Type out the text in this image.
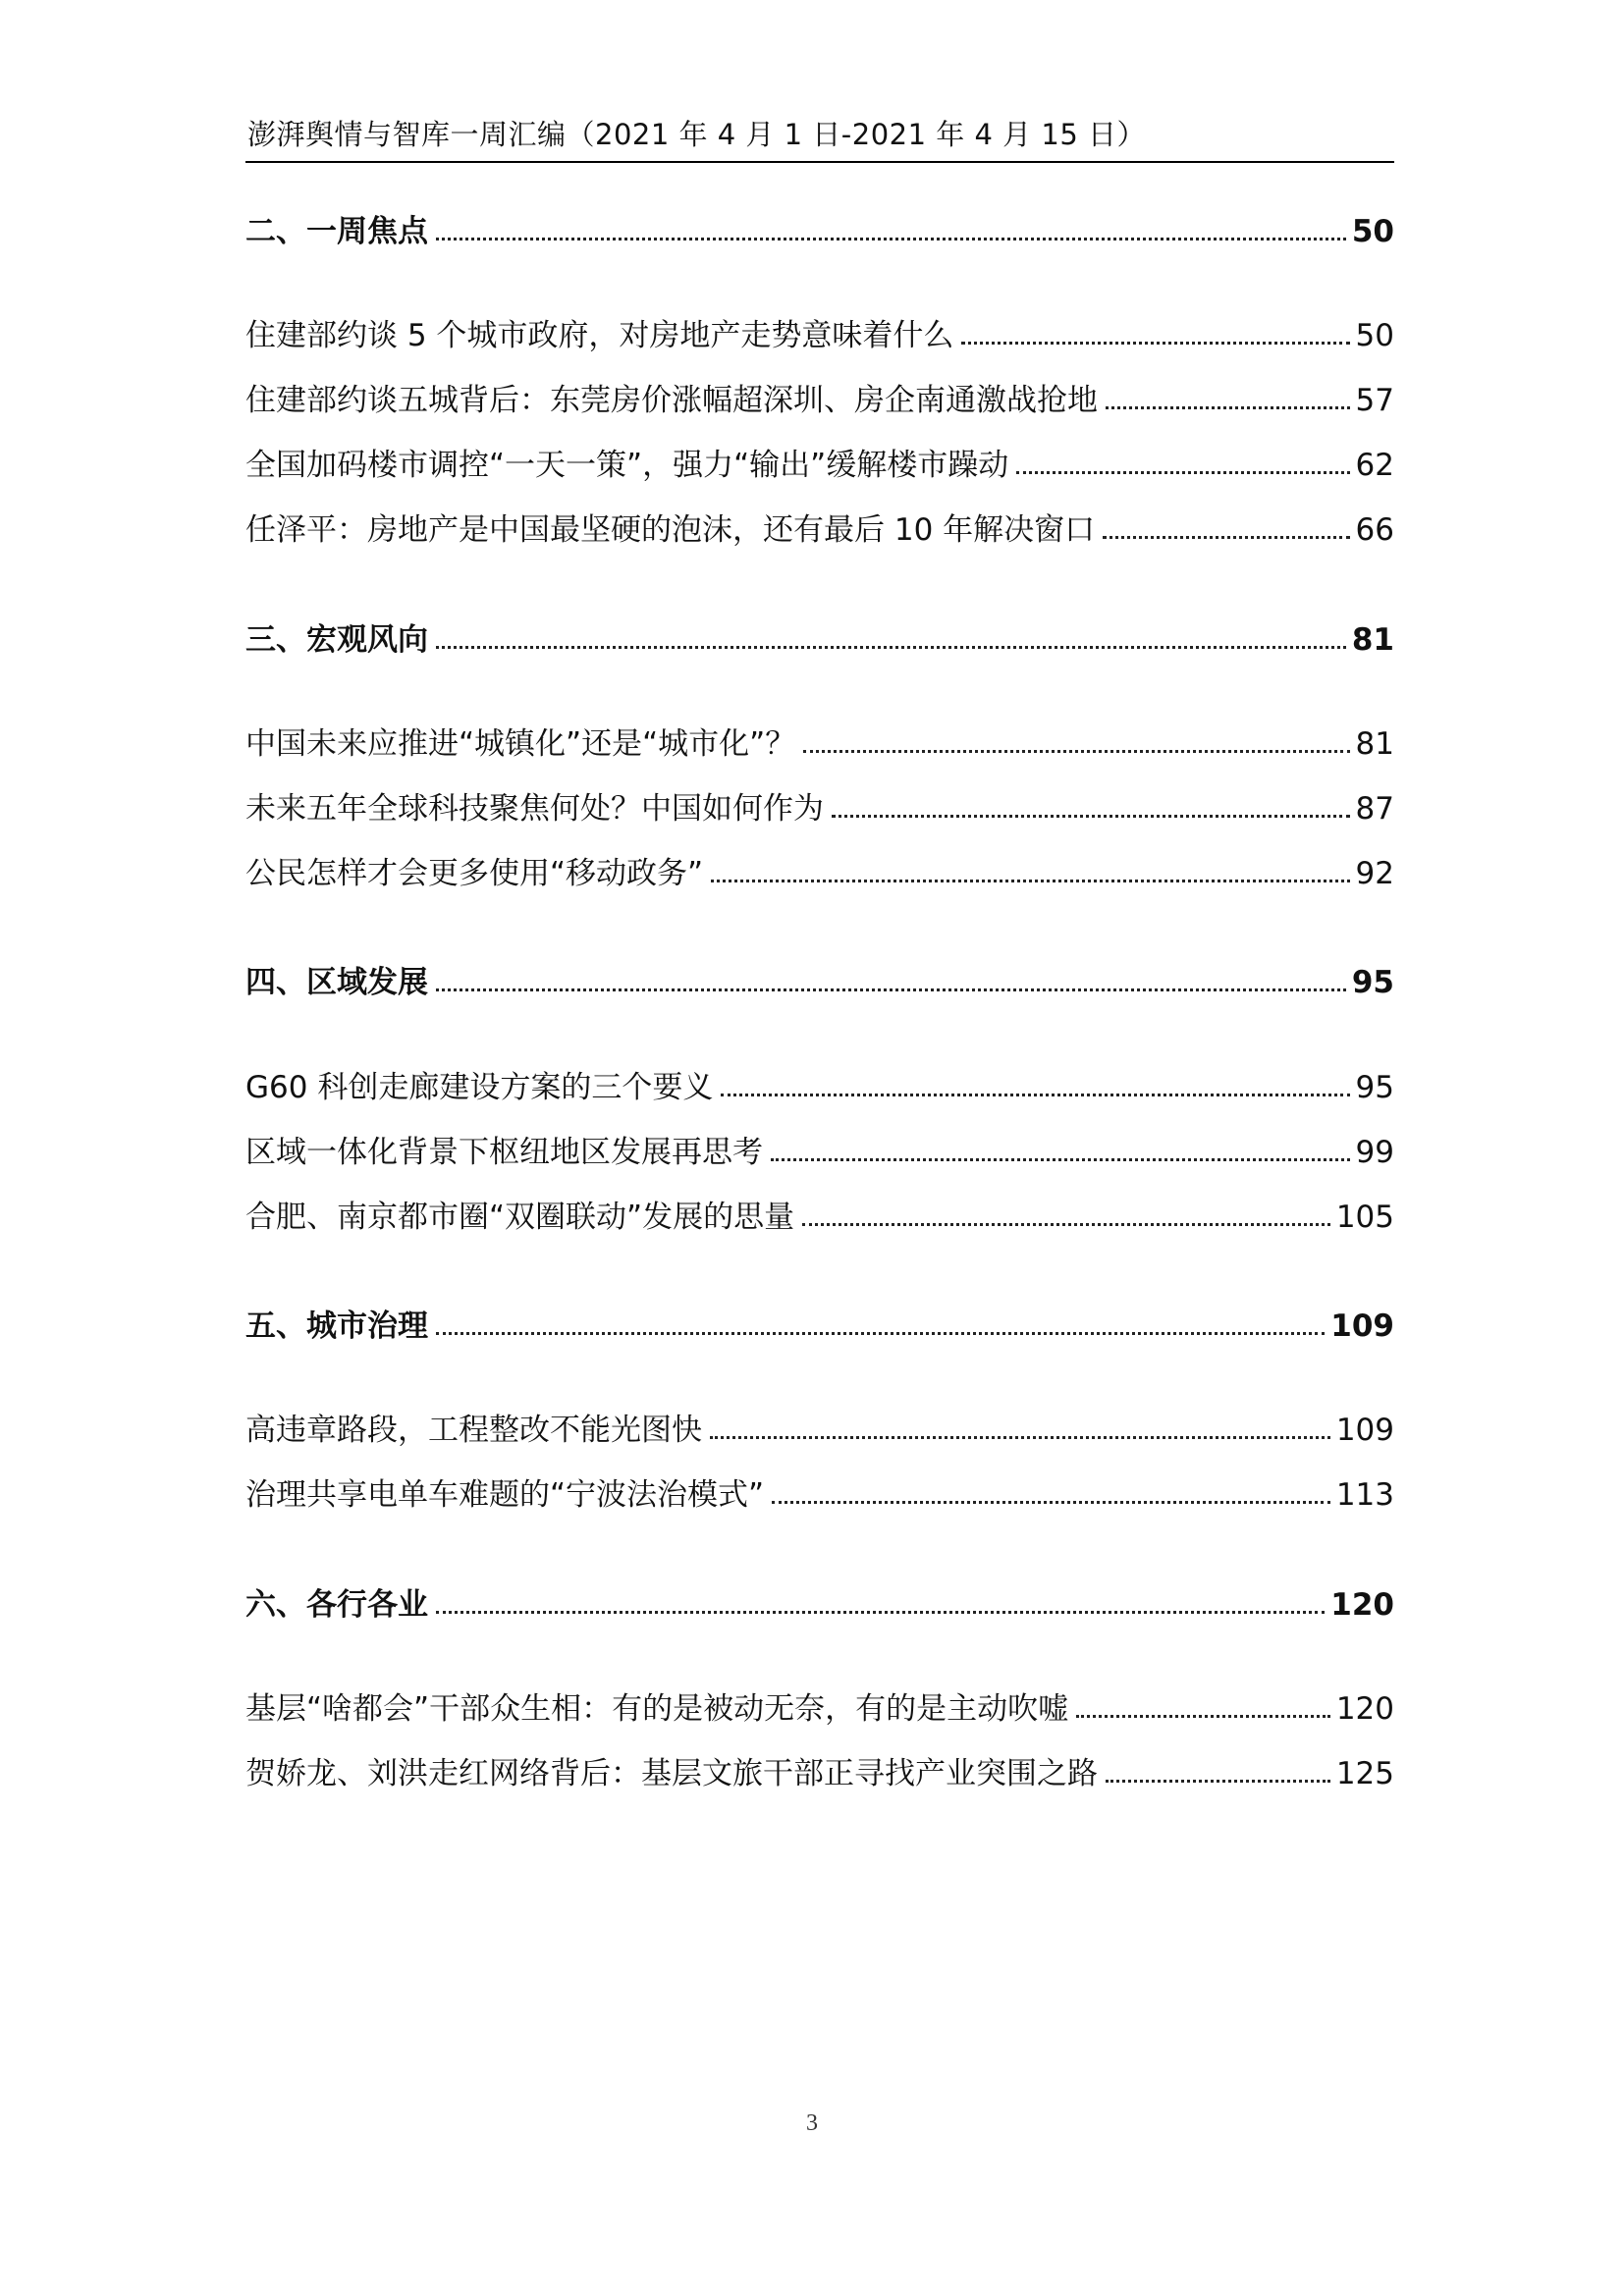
澎湃舆情与智库一周汇编（2021 年 4 月 1 日-2021 年 4 月 15 日）
二、一周焦点	50
住建部约谈 5 个城市政府，对房地产走势意味着什么	50
住建部约谈五城背后：东莞房价涨幅超深圳、房企南通激战抢地	57
全国加码楼市调控“一天一策”，强力“输出”缓解楼市躁动	62
任泽平：房地产是中国最坚硬的泡沫，还有最后 10 年解决窗口	66
三、宏观风向	81
中国未来应推进“城镇化”还是“城市化”？	81
未来五年全球科技聚焦何处？中国如何作为	87
公民怎样才会更多使用“移动政务”	92
四、区域发展	95
G60 科创走廊建设方案的三个要义	95
区域一体化背景下枢纽地区发展再思考	99
合肥、南京都市圈“双圈联动”发展的思量	105
五、城市治理	109
高违章路段，工程整改不能光图快	109
治理共享电单车难题的“宁波法治模式”	113
六、各行各业	120
基层“啥都会”干部众生相：有的是被动无奈，有的是主动吹嘘	120
贺娇龙、刘洪走红网络背后：基层文旅干部正寻找产业突围之路	125
3
